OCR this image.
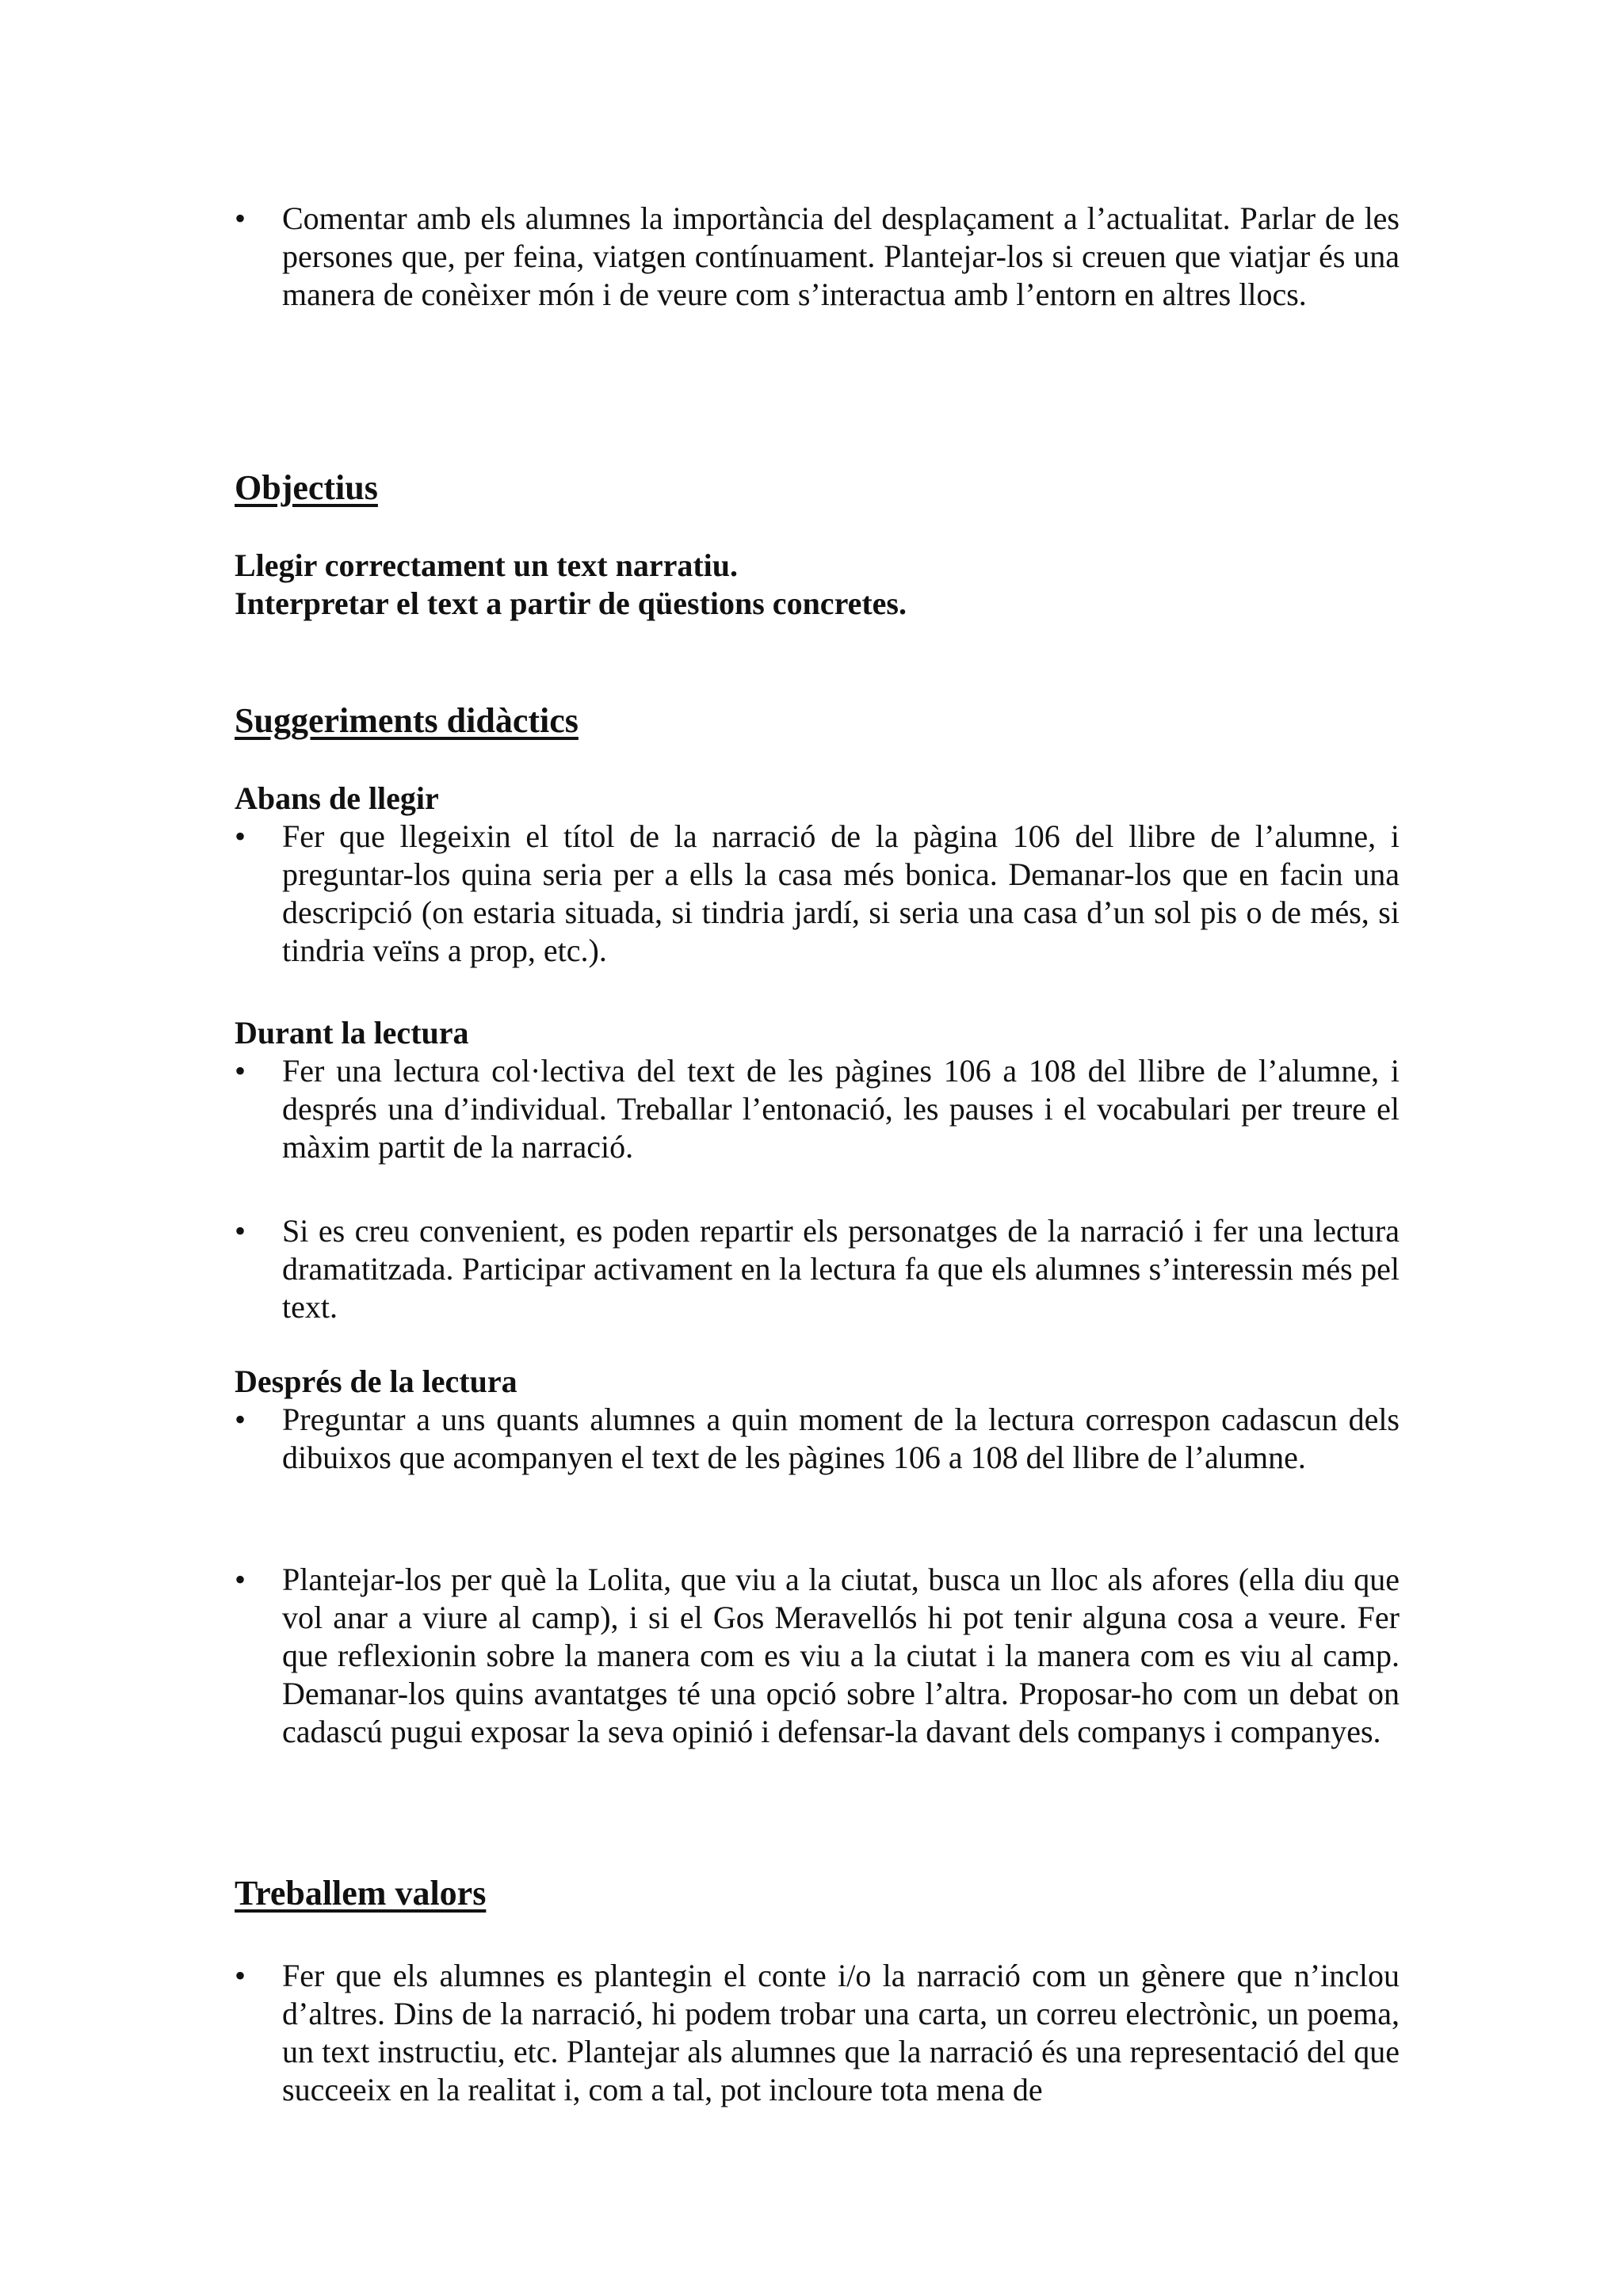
• Comentar amb els alumnes la importància del desplaçament a l’actualitat. Parlar de les persones que, per feina, viatgen contínuament. Plantejar-los si creuen que viatjar és una manera de conèixer món i de veure com s’interactua amb l’entorn en altres llocs.
Objectius
Llegir correctament un text narratiu.
Interpretar el text a partir de qüestions concretes.
Suggeriments didàctics
Abans de llegir
• Fer que llegeixin el títol de la narració de la pàgina 106 del llibre de l’alumne, i preguntar-los quina seria per a ells la casa més bonica. Demanar-los que en facin una descripció (on estaria situada, si tindria jardí, si seria una casa d’un sol pis o de més, si tindria veïns a prop, etc.).
Durant la lectura
• Fer una lectura col·lectiva del text de les pàgines 106 a 108 del llibre de l’alumne, i després una d’individual. Treballar l’entonació, les pauses i el vocabulari per treure el màxim partit de la narració.
• Si es creu convenient, es poden repartir els personatges de la narració i fer una lectura dramatitzada. Participar activament en la lectura fa que els alumnes s’interessin més pel text.
Després de la lectura
• Preguntar a uns quants alumnes a quin moment de la lectura correspon cadascun dels dibuixos que acompanyen el text de les pàgines 106 a 108 del llibre de l’alumne.
• Plantejar-los per què la Lolita, que viu a la ciutat, busca un lloc als afores (ella diu que vol anar a viure al camp), i si el Gos Meravellós hi pot tenir alguna cosa a veure. Fer que reflexionin sobre la manera com es viu a la ciutat i la manera com es viu al camp. Demanar-los quins avantatges té una opció sobre l’altra. Proposar-ho com un debat on cadascú pugui exposar la seva opinió i defensar-la davant dels companys i companyes.
Treballem valors
• Fer que els alumnes es plantegin el conte i/o la narració com un gènere que n’inclou d’altres. Dins de la narració, hi podem trobar una carta, un correu electrònic, un poema, un text instructiu, etc. Plantejar als alumnes que la narració és una representació del que succeeix en la realitat i, com a tal, pot incloure tota mena de
